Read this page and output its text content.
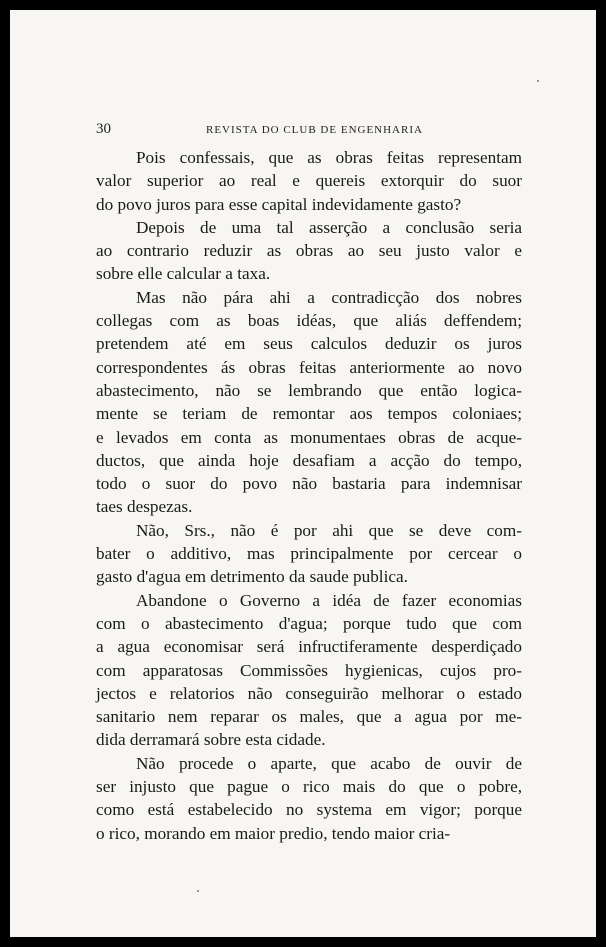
30	REVISTA DO CLUB DE ENGENHARIA

Pois confessais, que as obras feitas representam
valor superior ao real e quereis extorquir do suor
do povo juros para esse capital indevidamente gasto?

Depois de uma tal asserção a conclusão seria
ao contrario reduzir as obras ao seu justo valor e
sobre elle calcular a taxa.

Mas não pára ahi a contradicção dos nobres
collegas com as boas idéas, que aliás deffendem;
pretendem até em seus calculos deduzir os juros
correspondentes ás obras feitas anteriormente ao novo
abastecimento, não se lembrando que então logica-
mente se teriam de remontar aos tempos coloniaes;
e levados em conta as monumentaes obras de acque-
ductos, que ainda hoje desafiam a acção do tempo,
todo o suor do povo não bastaria para indemnisar
taes despezas.

Não, Srs., não é por ahi que se deve com-
bater o additivo, mas principalmente por cercear o
gasto d'agua em detrimento da saude publica.

Abandone o Governo a idéa de fazer economias
com o abastecimento d'agua; porque tudo que com
a agua economisar será infructiferamente desperdiçado
com apparatosas Commissões hygienicas, cujos pro-
jectos e relatorios não conseguirão melhorar o estado
sanitario nem reparar os males, que a agua por me-
dida derramará sobre esta cidade.

Não procede o aparte, que acabo de ouvir de
ser injusto que pague o rico mais do que o pobre,
como está estabelecido no systema em vigor; porque
o rico, morando em maior predio, tendo maior cria-
